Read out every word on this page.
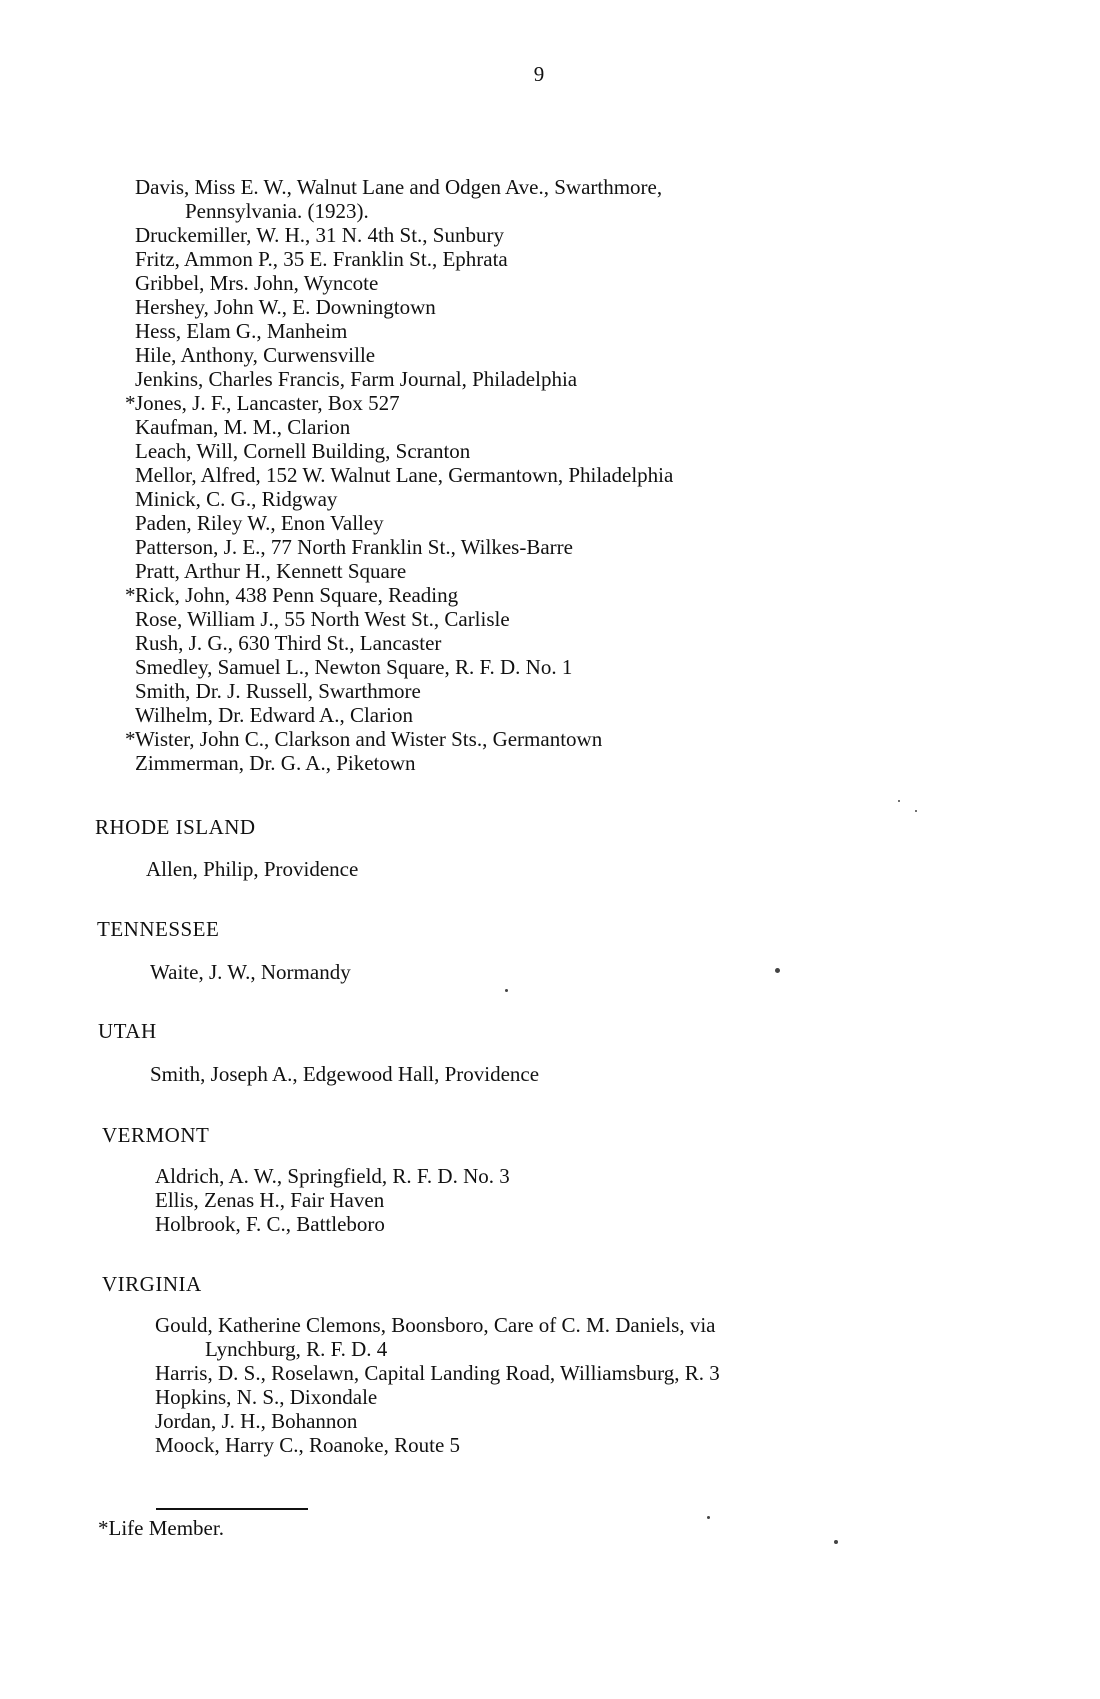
9
Davis, Miss E. W., Walnut Lane and Odgen Ave., Swarthmore,
Pennsylvania. (1923).
Druckemiller, W. H., 31 N. 4th St., Sunbury
Fritz, Ammon P., 35 E. Franklin St., Ephrata
Gribbel, Mrs. John, Wyncote
Hershey, John W., E. Downingtown
Hess, Elam G., Manheim
Hile, Anthony, Curwensville
Jenkins, Charles Francis, Farm Journal, Philadelphia
*Jones, J. F., Lancaster, Box 527
Kaufman, M. M., Clarion
Leach, Will, Cornell Building, Scranton
Mellor, Alfred, 152 W. Walnut Lane, Germantown, Philadelphia
Minick, C. G., Ridgway
Paden, Riley W., Enon Valley
Patterson, J. E., 77 North Franklin St., Wilkes-Barre
Pratt, Arthur H., Kennett Square
*Rick, John, 438 Penn Square, Reading
Rose, William J., 55 North West St., Carlisle
Rush, J. G., 630 Third St., Lancaster
Smedley, Samuel L., Newton Square, R. F. D. No. 1
Smith, Dr. J. Russell, Swarthmore
Wilhelm, Dr. Edward A., Clarion
*Wister, John C., Clarkson and Wister Sts., Germantown
Zimmerman, Dr. G. A., Piketown
RHODE ISLAND
Allen, Philip, Providence
TENNESSEE
Waite, J. W., Normandy
UTAH
Smith, Joseph A., Edgewood Hall, Providence
VERMONT
Aldrich, A. W., Springfield, R. F. D. No. 3
Ellis, Zenas H., Fair Haven
Holbrook, F. C., Battleboro
VIRGINIA
Gould, Katherine Clemons, Boonsboro, Care of C. M. Daniels, via
Lynchburg, R. F. D. 4
Harris, D. S., Roselawn, Capital Landing Road, Williamsburg, R. 3
Hopkins, N. S., Dixondale
Jordan, J. H., Bohannon
Moock, Harry C., Roanoke, Route 5
*Life Member.
